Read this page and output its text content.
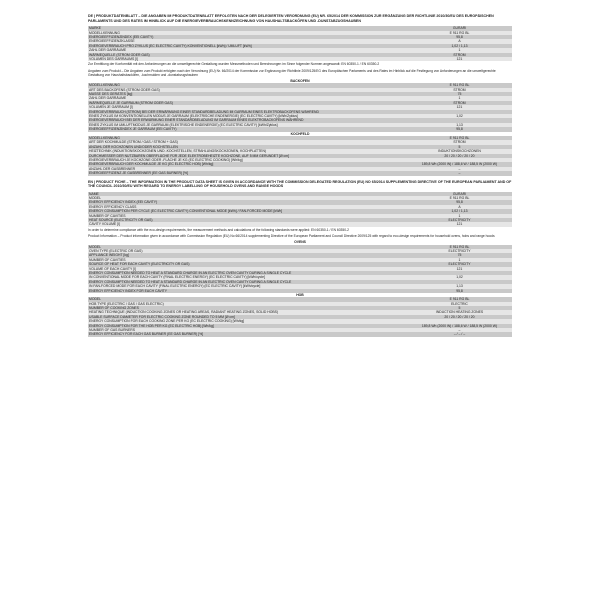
DE | PRODUKTDATENBLATT – DIE ANGABEN IM PRODUKTDATENBLATT ERFOLGTEN NACH DER DELEGIERTEN VERORDNUNG (EU) NR. 65/2014 DER KOMMISSION ZUR ERGÄNZUNG DER RICHTLINIE 2010/30/EU DES EUROPÄISCHEN PARLAMENTS UND DES RATES IM HINBLICK AUF DIE ENERGIEVERBRAUCHSKENNZEICHNUNG VON HAUSHALTSBACKÖFEN UND -DUNSTABZUGSHAUBEN
MARKE	GURARI
MODELLKENNUNG	E 911 RG BL
ENERGIEEFFIZIENZINDEX (EEI CAVITY)	95,8
ENERGIEEFFIZIENZKLASSE	A
ENERGIEVERBRAUCH PRO ZYKLUS (EC ELECTRIC CAVITY) KONVENTIONELL [kWh] / UMLUFT [kWh]	1,02 / 1,13
ZAHL DER GARRÄUME	1
WÄRMEQUELLE (STROM ODER GAS)	STROM
VOLUMEN DES GARRAUMS [l]	121
Zur Ermittlung der Konformität mit den Anforderungen an die umweltgerechte Gestaltung wurden Messmethoden und Berechnungen im Sinne folgender Normen angewandt: EN 60350-1 / EN 60350-2
Angaben zum Produkt – Die Angaben zum Produkt erfolgten nach der Verordnung (EU) Nr. 66/2014 der Kommission zur Ergänzung der Richtlinie 2009/125/EG des Europäischen Parlaments und des Rates im Hinblick auf die Festlegung von Anforderungen an die umweltgerechte Gestaltung von Haushaltsbacköfen, -kochmulden und -dunstabzugshauben
BACKOFEN
MODELLKENNUNG	E 911 RG BL
ART DES BACKOFENS (STROM ODER GAS)	STROM
MASSE DES GERÄTES [kg]	75
ZAHL DER GARRÄUME	1
WÄRMEQUELLE JE GARRAUM (STROM ODER GAS)	STROM
VOLUMEN JE GARRAUM [l]	121
ENERGIEVERBRAUCH (STROM) BEI DER ERWÄRMUNG EINER STANDARDBELADUNG IM GARRAUM EINES ELEKTROBACKOFENS WÄHREND
EINES ZYKLUS IM KONVENTIONELLEN MODUS JE GARRAUM (ELEKTRISCHE ENDENERGIE) (EC ELECTRIC CAVITY) [kWh/Zyklus]	1,02
ENERGIEVERBRAUCH BEI DER ERWÄRMUNG EINER STANDARDBELADUNG IM GARRAUM EINES ELEKTROBACKOFENS WÄHREND
EINES ZYKLUS IM UMLUFTMODUS JE GARRAUM (ELEKTRISCHE ENDENERGIE) (EC ELECTRIC CAVITY) [kWh/Zyklus]	1,13
ENERGIEEFFIZIENZINDEX JE GARRAUM (EEI CAVITY)	95,8
KOCHFELD
MODELLKENNUNG	E 911 RG BL
ART DER KOCHMULDE (STROM / GAS / STROM + GAS)	STROM
ANZAHL DER KOCHZONEN UND/ODER KOCHSTELLEN	5
HEIZTECHNIK (INDUKTIONSKOCHZONEN UND -KOCHSTELLEN, STRAHLUNGSKOCHZONEN, KOCHPLATTEN)	INDUKTIONSKOCHZONEN
DURCHMESSER DER NUTZBAREN OBERFLÄCHE FÜR JEDE ELEKTROBEHEIZTE KOCHZONE, AUF 5 MM GERUNDET [Ø cm]	20 / 20 / 20 / 20 / 20
ENERGIEVERBRAUCH JE KOCHZONE ODER -FLÄCHE JE KG (EC ELECTRIC COOKING) [Wh/kg]
ENERGIEVERBRAUCH DER KOCHMULDE JE KG (EC ELECTRIC HOB) [Wh/kg]	189,8 Wh (2000 W) / 188,6 W / 188,5 W (2000 W)
ANZAHL DER GASBRENNER	–
ENERGIEEFFIZIENZ JE GASBRENNER (EE GAS BURNER) [%]	–
EN | PRODUCT FICHE – THE INFORMATION IN THE PRODUCT DATA SHEET IS GIVEN IN ACCORDANCE WITH THE COMMISSION DELEGATED REGULATION (EU) NO 65/2014 SUPPLEMENTING DIRECTIVE OF THE EUROPEAN PARLIAMENT AND OF THE COUNCIL 2010/30/EU WITH REGARD TO ENERGY LABELLING OF HOUSEHOLD OVENS AND RANGE HOODS
NAME	GURARI
MODEL	E 911 RG BL
ENERGY EFFICIENCY INDEX (EEI CAVITY)	95,8
ENERGY EFFICIENCY CLASS	A
ENERGY CONSUMPTION PER CYCLE (EC ELECTRIC CAVITY) CONVENTIONAL MODE [kWh] / FAN-FORCED MODE [kWh]	1,02 / 1,13
NUMBER OF CAVITIES	1
HEAT SOURCE (ELECTRICITY OR GAS)	ELECTRICITY
CAVITY VOLUME [l]	121
In order to determine compliance with the eco-design requirements, the measurement methods and calculations of the following standards were applied: EN 60350-1 / EN 60350-2
Product Information – Product information given in accordance with Commission Regulation (EU) No 66/2014 supplementing Directive of the European Parliament and Council Directive 2009/125 with regard to eco-design requirements for household ovens, hobs and range hoods
OVENS
MODEL	E 911 RG BL
OVEN TYPE (ELECTRIC OR GAS)	ELECTRICITY
APPLIANCE WEIGHT [kg]	75
NUMBER OF CAVITIES	1
SOURCE OF HEAT FOR EACH CAVITY (ELECTRICITY OR GAS)	ELECTRICITY
VOLUME OF EACH CAVITY [l]	121
ENERGY CONSUMPTION NEEDED TO HEAT A STANDARD CHARGE IN AN ELECTRIC OVEN CAVITY DURING A SINGLE CYCLE
IN CONVENTIONAL MODE FOR EACH CAVITY (FINAL ELECTRIC ENERGY) (EC ELECTRIC CAVITY) [kWh/cycle]	1,02
ENERGY CONSUMPTION NEEDED TO HEAT A STANDARD CHARGE IN AN ELECTRIC OVEN CAVITY DURING A SINGLE CYCLE
IN FAN-FORCED MODE FOR EACH CAVITY (FINAL ELECTRIC ENERGY) (EC ELECTRIC CAVITY) [kWh/cycle]	1,13
ENERGY EFFICIENCY INDEX FOR EACH CAVITY	95,8
HOB
MODEL	E 911 RG BL
HOB TYPE (ELECTRIC / GAS / GAS ELECTRIC)	ELECTRIC
NUMBER OF COOKING ZONES	5
HEATING TECHNIQUE (INDUCTION COOKING ZONES OR HEATING AREAS, RADIANT HEATING ZONES, SOLID HOBS)	INDUCTION HEATING ZONES
USABLE SURFACE DIAMETER FOR ELECTRIC COOKING ZONE ROUNDED TO 5 MM [Ø cm]	20 / 20 / 20 / 20 / 20
ENERGY CONSUMPTION FOR EACH COOKING ZONE PER KG (EC ELECTRIC COOKING) [Wh/kg]
ENERGY CONSUMPTION FOR THE HOB PER KG (EC ELECTRIC HOB) [Wh/kg]	189,8 Wh (2000 W) / 188,6 W / 188,5 W (2000 W)
NUMBER OF GAS BURNERS	–
ENERGY EFFICIENCY FOR EACH GAS BURNER (EE GAS BURNER) [%]	– / – / –
